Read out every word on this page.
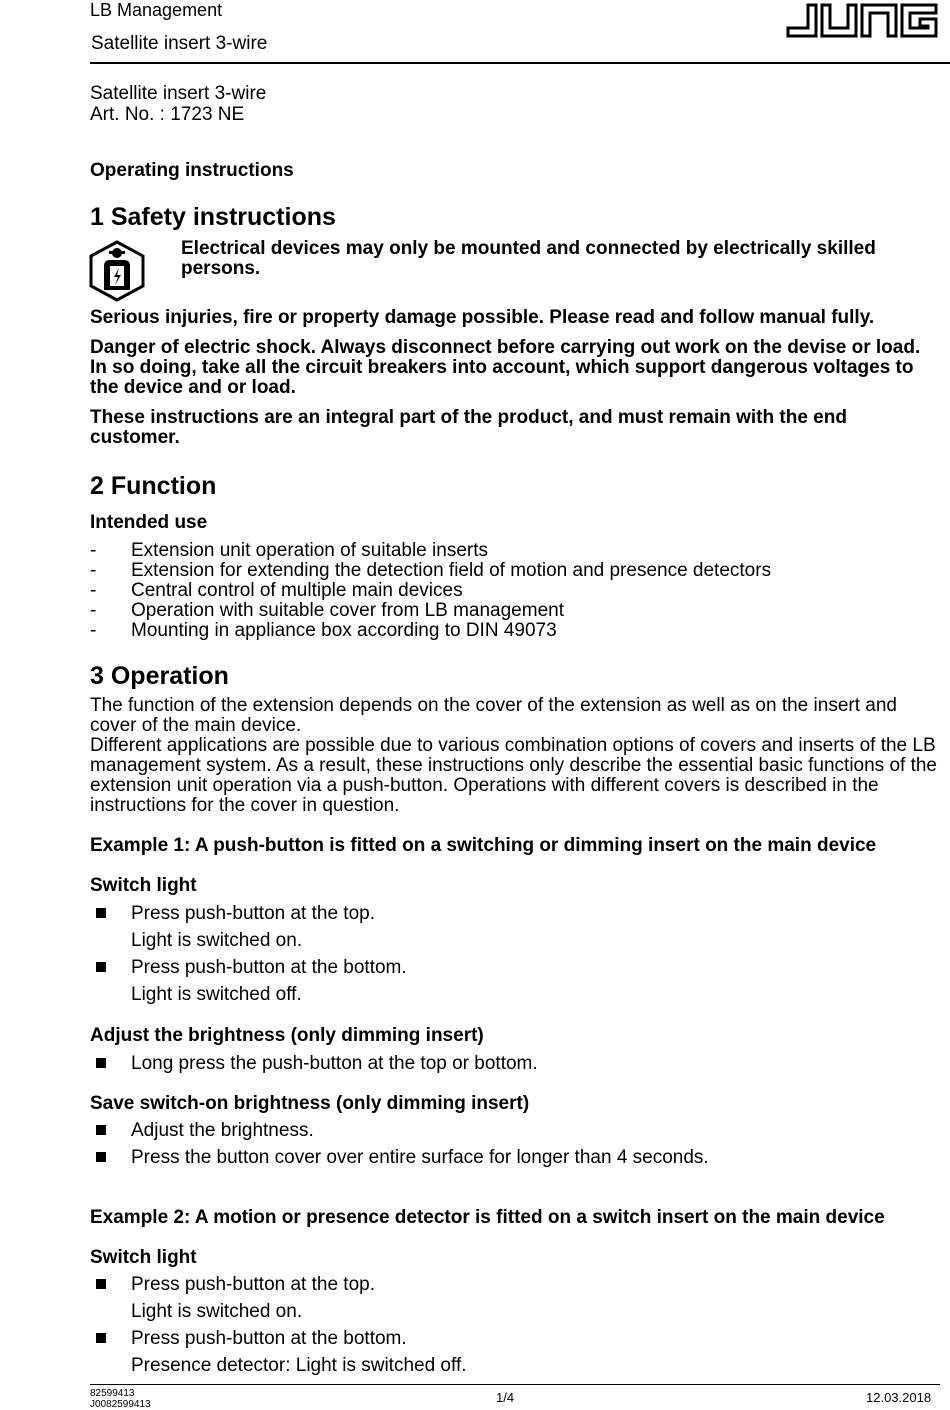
LB Management
Satellite insert 3-wire
Satellite insert 3-wire
Art. No. : 1723 NE
Operating instructions
1 Safety instructions
Electrical devices may only be mounted and connected by electrically skilled persons.
Serious injuries, fire or property damage possible. Please read and follow manual fully.
Danger of electric shock. Always disconnect before carrying out work on the devise or load. In so doing, take all the circuit breakers into account, which support dangerous voltages to the device and or load.
These instructions are an integral part of the product, and must remain with the end customer.
2 Function
Intended use
- Extension unit operation of suitable inserts
- Extension for extending the detection field of motion and presence detectors
- Central control of multiple main devices
- Operation with suitable cover from LB management
- Mounting in appliance box according to DIN 49073
3 Operation
The function of the extension depends on the cover of the extension as well as on the insert and cover of the main device.
Different applications are possible due to various combination options of covers and inserts of the LB management system. As a result, these instructions only describe the essential basic functions of the extension unit operation via a push-button. Operations with different covers is described in the instructions for the cover in question.
Example 1: A push-button is fitted on a switching or dimming insert on the main device
Switch light
Press push-button at the top.
Light is switched on.
Press push-button at the bottom.
Light is switched off.
Adjust the brightness (only dimming insert)
Long press the push-button at the top or bottom.
Save switch-on brightness (only dimming insert)
Adjust the brightness.
Press the button cover over entire surface for longer than 4 seconds.
Example 2: A motion or presence detector is fitted on a switch insert on the main device
Switch light
Press push-button at the top.
Light is switched on.
Press push-button at the bottom.
Presence detector: Light is switched off.
82599413
J0082599413	1/4	12.03.2018
